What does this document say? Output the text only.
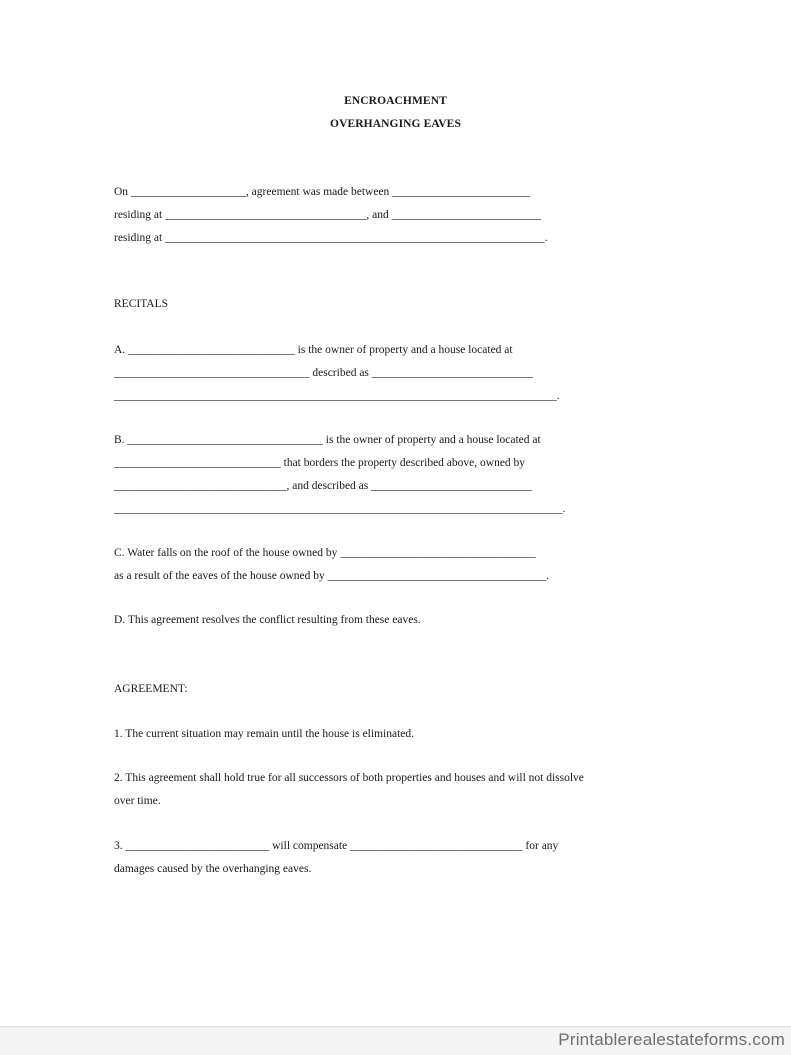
ENCROACHMENT

OVERHANGING EAVES

On ____________________, agreement was made between ________________________

residing at ___________________________________, and __________________________

residing at __________________________________________________________________.

RECITALS

A. _____________________________ is the owner of property and a house located at

__________________________________ described as ____________________________

_____________________________________________________________________________.

B. __________________________________ is the owner of property and a house located at

_____________________________ that borders the property described above, owned by

______________________________, and described as ____________________________

______________________________________________________________________________.

C. Water falls on the roof of the house owned by __________________________________

as a result of the eaves of the house owned by ______________________________________.

D. This agreement resolves the conflict resulting from these eaves.

AGREEMENT:

1. The current situation may remain until the house is eliminated.

2. This agreement shall hold true for all successors of both properties and houses and will not dissolve

over time.

3. _________________________ will compensate ______________________________ for any

damages caused by the overhanging eaves.

Printablerealestateforms.com
